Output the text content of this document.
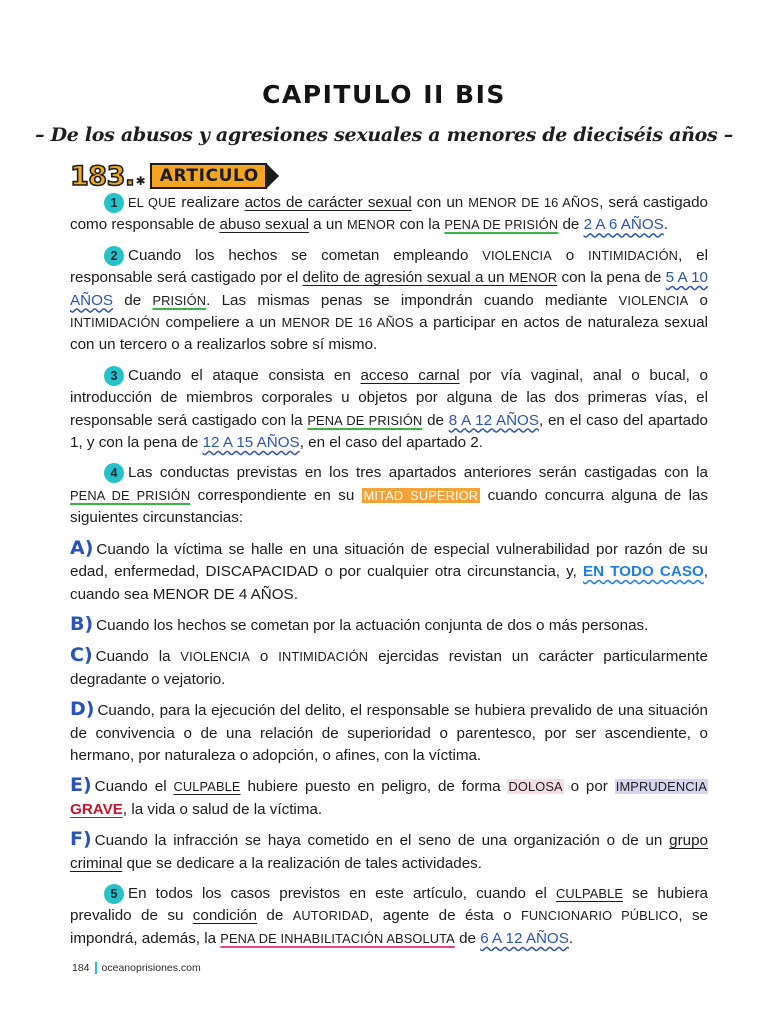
CAPITULO II BIS
– De los abusos y agresiones sexuales a menores de dieciséis años –
183. ✱ ARTICULO

1 EL QUE realizare actos de carácter sexual con un MENOR DE 16 AÑOS, será castigado como responsable de abuso sexual a un MENOR con la PENA DE PRISIÓN de 2 A 6 AÑOS.

2 Cuando los hechos se cometan empleando VIOLENCIA o INTIMIDACIÓN, el responsable será castigado por el delito de agresión sexual a un MENOR con la pena de 5 A 10 AÑOS de PRISIÓN. Las mismas penas se impondrán cuando mediante VIOLENCIA o INTIMIDACIÓN compeliere a un MENOR DE 16 AÑOS a participar en actos de naturaleza sexual con un tercero o a realizarlos sobre sí mismo.

3 Cuando el ataque consista en acceso carnal por vía vaginal, anal o bucal, o introducción de miembros corporales u objetos por alguna de las dos primeras vías, el responsable será castigado con la PENA DE PRISIÓN de 8 A 12 AÑOS, en el caso del apartado 1, y con la pena de 12 A 15 AÑOS, en el caso del apartado 2.

4 Las conductas previstas en los tres apartados anteriores serán castigadas con la PENA DE PRISIÓN correspondiente en su MITAD SUPERIOR cuando concurra alguna de las siguientes circunstancias:

A) Cuando la víctima se halle en una situación de especial vulnerabilidad por razón de su edad, enfermedad, DISCAPACIDAD o por cualquier otra circunstancia, y, EN TODO CASO, cuando sea MENOR DE 4 AÑOS.

B) Cuando los hechos se cometan por la actuación conjunta de dos o más personas.

C) Cuando la VIOLENCIA o INTIMIDACIÓN ejercidas revistan un carácter particularmente degradante o vejatorio.

D) Cuando, para la ejecución del delito, el responsable se hubiera prevalido de una situación de convivencia o de una relación de superioridad o parentesco, por ser ascendiente, o hermano, por naturaleza o adopción, o afines, con la víctima.

E) Cuando el CULPABLE hubiere puesto en peligro, de forma DOLOSA o por IMPRUDENCIA GRAVE, la vida o salud de la víctima.

F) Cuando la infracción se haya cometido en el seno de una organización o de un grupo criminal que se dedicare a la realización de tales actividades.

5 En todos los casos previstos en este artículo, cuando el CULPABLE se hubiera prevalido de su condición de AUTORIDAD, agente de ésta o FUNCIONARIO PÚBLICO, se impondrá, además, la PENA DE INHABILITACIÓN ABSOLUTA de 6 A 12 AÑOS.

184 oceanoprisiones.com
